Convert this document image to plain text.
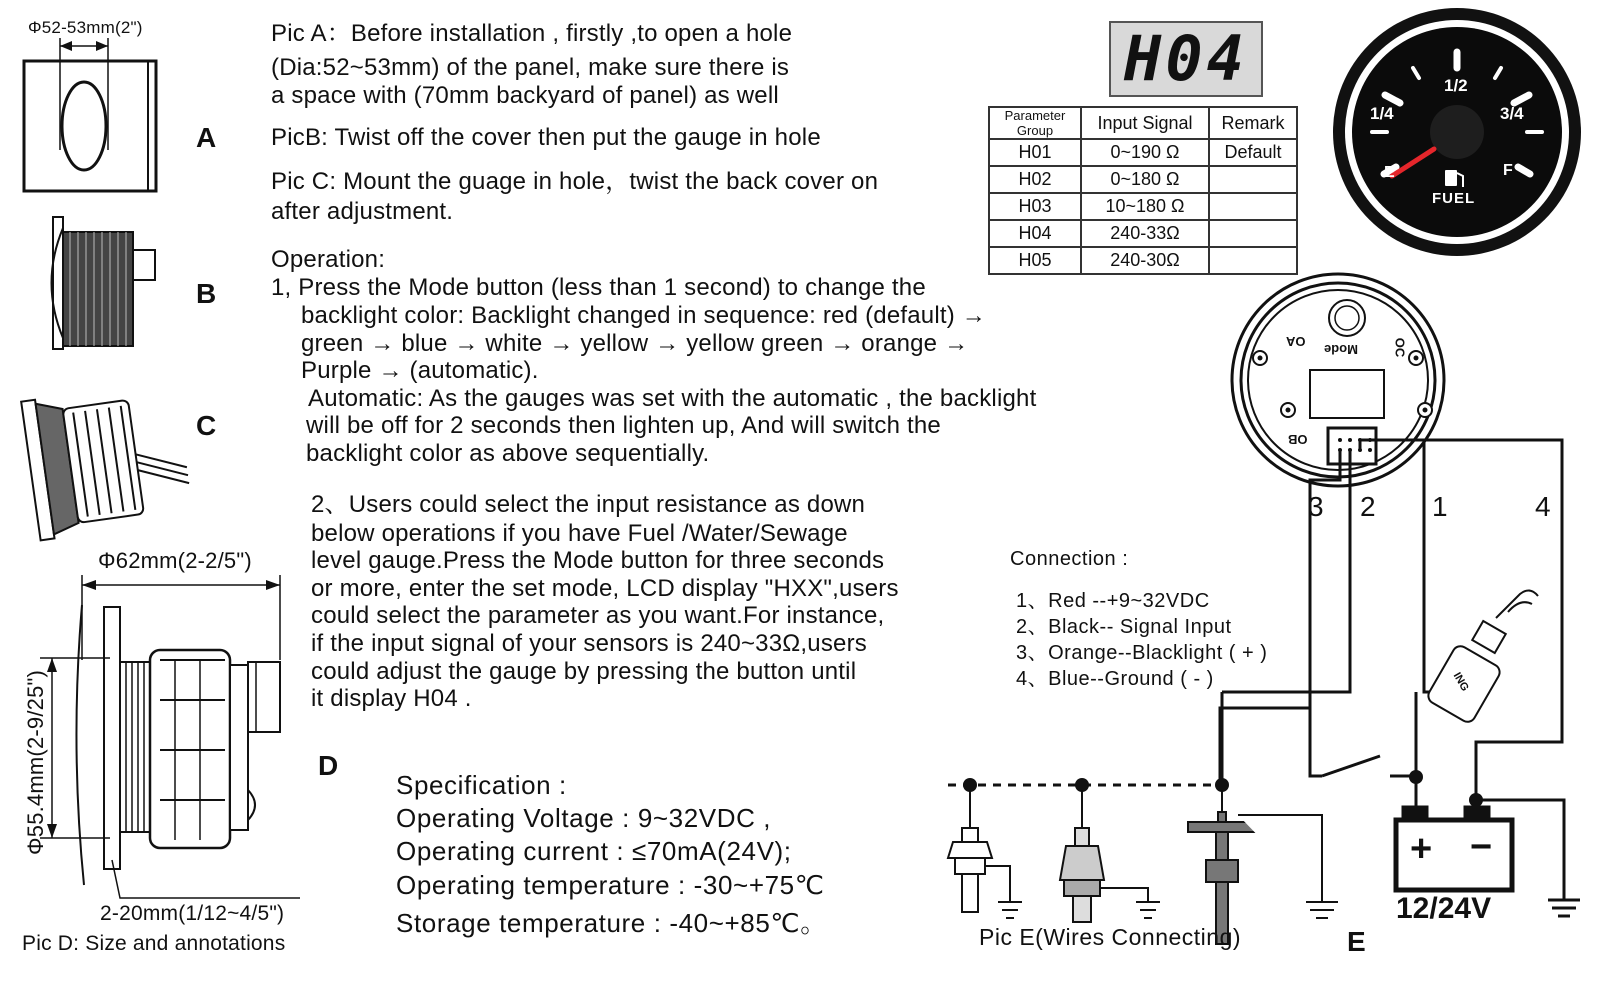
Φ52-53mm(2")	Pic A：Before installation , firstly ,to open a hole
(Dia:52~53mm) of the panel, make sure there is
a space with (70mm backyard of panel) as well
PicB: Twist off the cover then put the gauge in hole
Pic C: Mount the guage in hole，twist the back cover on
after adjustment.
A
B
C
D
E
Operation:
1, Press the Mode button (less than 1 second) to change the
backlight color: Backlight changed in sequence: red (default) →
green → blue → white → yellow → yellow green → orange →
Purple → (automatic).
Automatic: As the gauges was set with the automatic , the backlight
will be off for 2 seconds then lighten up, And will switch the
backlight color as above sequentially.
2、Users could select the input resistance as down
below operations if you have Fuel /Water/Sewage
level gauge.Press the Mode button for three seconds
or more, enter the set mode, LCD display "HXX",users
could select the parameter as you want.For instance,
if the input signal of your sensors is 240~33Ω,users
could adjust the gauge by pressing the button until
it display H04 .
Φ62mm(2-2/5")
Φ55.4mm(2-9/25")
2-20mm(1/12~4/5")
Pic D: Size and annotations
H04
Parameter Group	Input Signal	Remark
H01	0~190 Ω	Default
H02	0~180 Ω	
H03	10~180 Ω	
H04	240-33Ω	
H05	240-30Ω	
1/4
1/2
3/4
E	F
FUEL
Mode
OA	OC
OB
3 2 1	4
Connection :
1、Red --+9~32VDC
2、Black-- Signal Input
3、Orange--Blacklight ( + )
4、Blue--Ground ( - )	ING
+ −
12/24V
Pic E(Wires Connecting)
Specification :
Operating Voltage : 9~32VDC ,
Operating current : ≤70mA(24V);
Operating temperature : -30~+75℃
Storage temperature : -40~+85℃。
